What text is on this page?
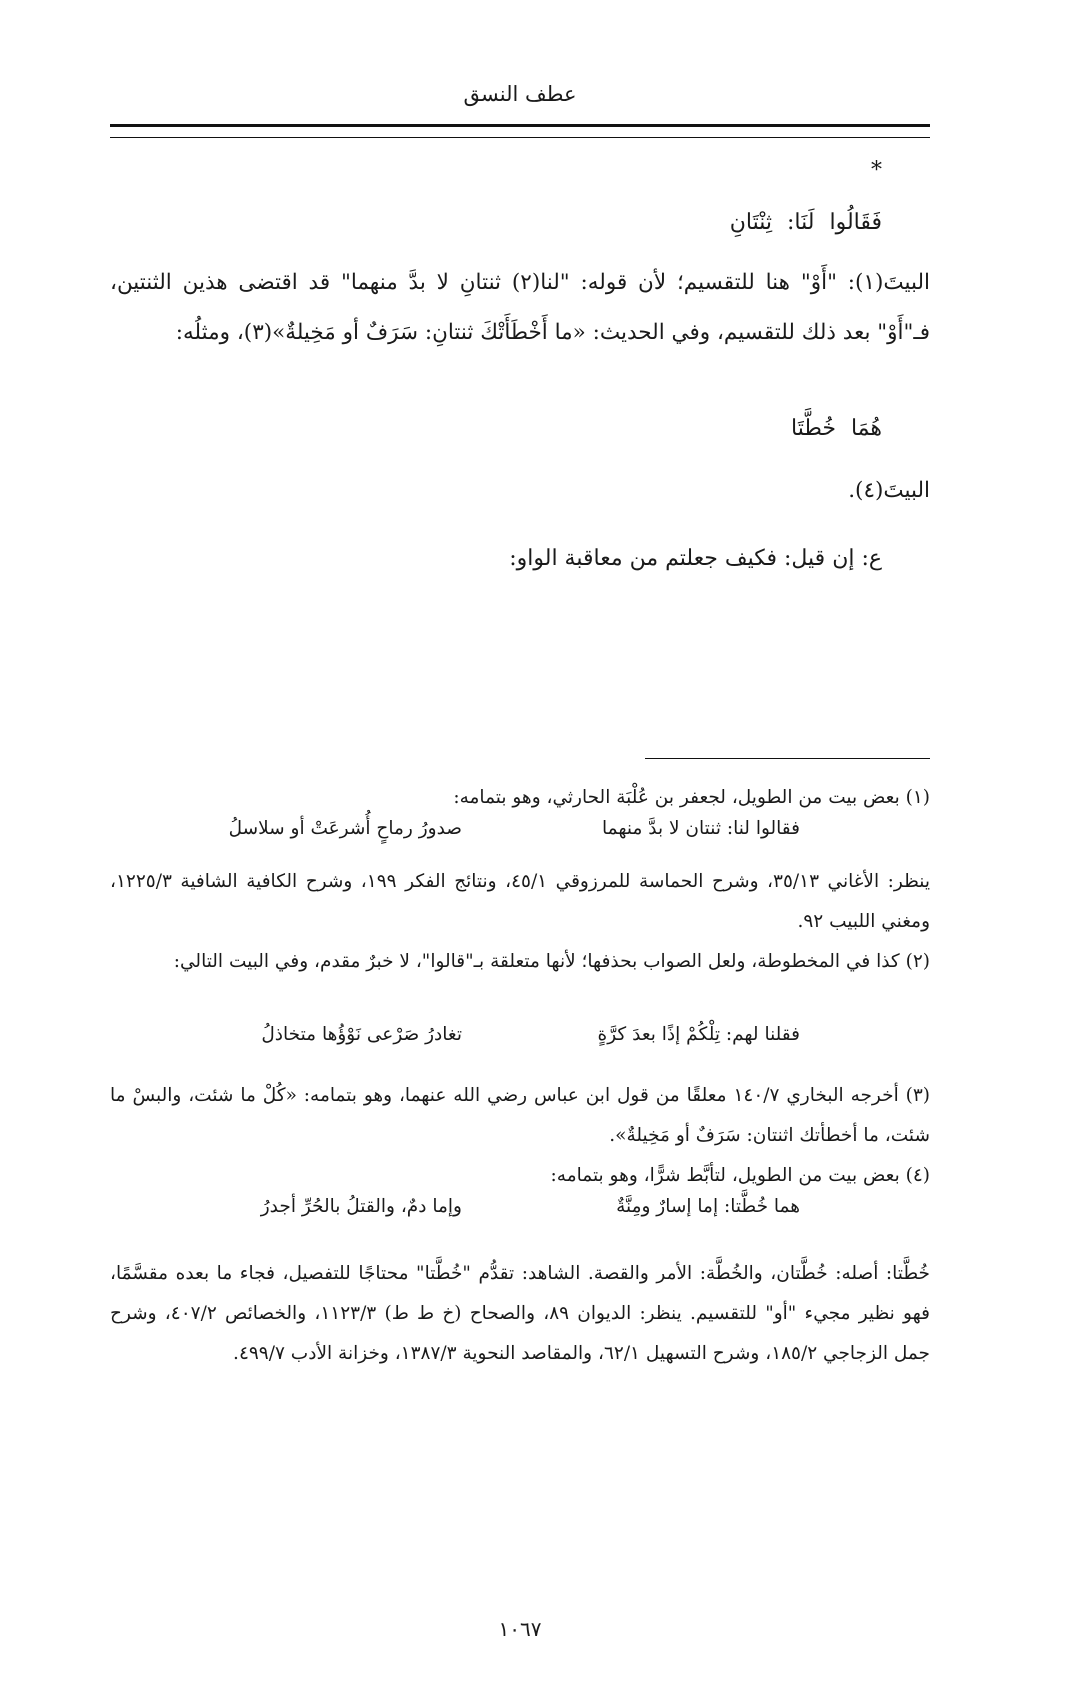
عطف النسق
*
فَقَالُوا لَنَا: ثِنْتَانِ
البيتَ(١): "أَوْ" هنا للتقسيم؛ لأن قوله: "لنا(٢) ثنتانِ لا بدَّ منهما" قد اقتضى هذين الثنتين، فـ"أَوْ" بعد ذلك للتقسيم، وفي الحديث: «ما أَخْطَأَتْكَ ثنتانِ: سَرَفٌ أو مَخِيلةٌ»(٣)، ومثلُه:
هُمَا خُطَّتَا
البيتَ(٤).
ع: إن قيل: فكيف جعلتم من معاقبة الواو:
(١) بعض بيت من الطويل، لجعفر بن عُلْبَة الحارثي، وهو بتمامه:
فقالوا لنا: ثنتان لا بدَّ منهما
صدورُ رماحٍ أُشرعَتْ أو سلاسلُ
ينظر: الأغاني ٣٥/١٣، وشرح الحماسة للمرزوقي ٤٥/١، ونتائج الفكر ١٩٩، وشرح الكافية الشافية ١٢٢٥/٣، ومغني اللبيب ٩٢.
(٢) كذا في المخطوطة، ولعل الصواب بحذفها؛ لأنها متعلقة بـ"قالوا"، لا خبرٌ مقدم، وفي البيت التالي:
فقلنا لهم: تِلْكُمْ إذًا بعدَ كرَّةٍ
تغادرُ صَرْعى نَوْؤُها متخاذلُ
(٣) أخرجه البخاري ١٤٠/٧ معلقًا من قول ابن عباس رضي الله عنهما، وهو بتمامه: «كُلْ ما شئت، والبسْ ما شئت، ما أخطأتك اثنتان: سَرَفٌ أو مَخِيلةٌ».
(٤) بعض بيت من الطويل، لتأبَّط شرًّا، وهو بتمامه:
هما خُطَّتا: إما إسارٌ ومِنَّةٌ
وإما دمٌ، والقتلُ بالحُرِّ أجدرُ
خُطَّتا: أصله: خُطَّتان، والخُطَّة: الأمر والقصة. الشاهد: تقدُّم "خُطَّتا" محتاجًا للتفصيل، فجاء ما بعده مقسَّمًا، فهو نظير مجيء "أو" للتقسيم. ينظر: الديوان ٨٩، والصحاح (خ ط ط) ١١٢٣/٣، والخصائص ٤٠٧/٢، وشرح جمل الزجاجي ١٨٥/٢، وشرح التسهيل ٦٢/١، والمقاصد النحوية ١٣٨٧/٣، وخزانة الأدب ٤٩٩/٧.
١٠٦٧
